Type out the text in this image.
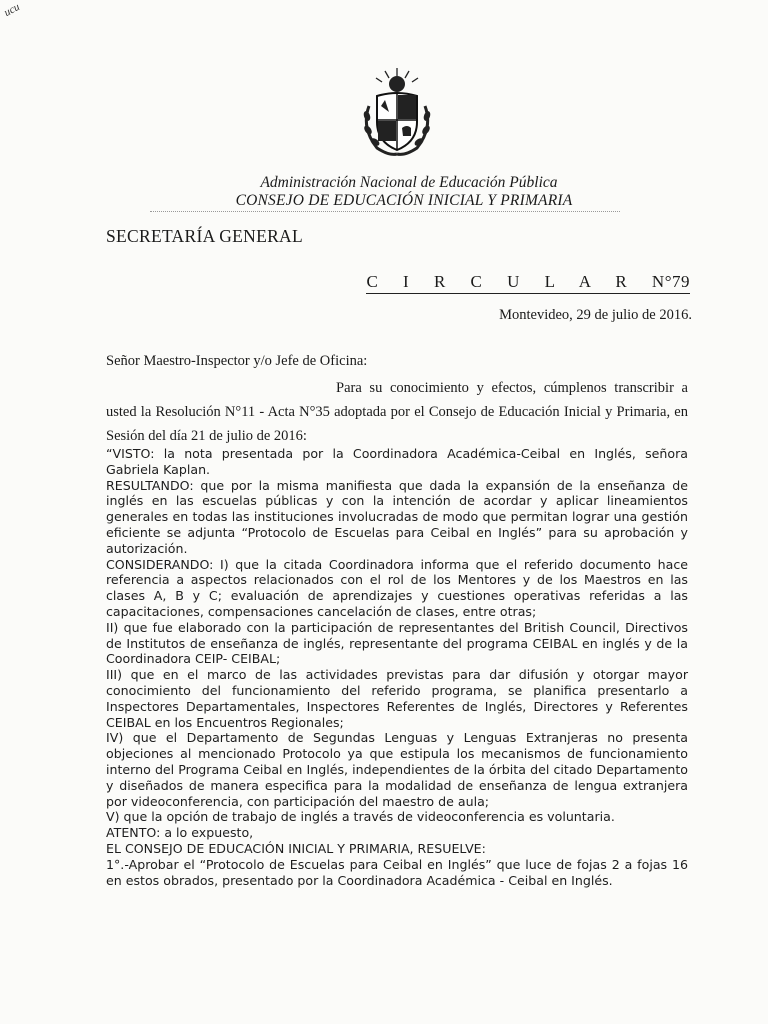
ucu
Administración Nacional de Educación Pública
CONSEJO DE EDUCACIÓN INICIAL Y PRIMARIA
SECRETARÍA GENERAL
C I R C U L A R N°79
Montevideo, 29 de julio de 2016.
Señor Maestro-Inspector y/o Jefe de Oficina:
Para su conocimiento y efectos, cúmplenos transcribir a usted la Resolución N°11 - Acta N°35 adoptada por el Consejo de Educación Inicial y Primaria, en Sesión del día 21 de julio de 2016:

“VISTO: la nota presentada por la Coordinadora Académica-Ceibal en Inglés, señora Gabriela Kaplan.

RESULTANDO: que por la misma manifiesta que dada la expansión de la enseñanza de inglés en las escuelas públicas y con la intención de acordar y aplicar lineamientos generales en todas las instituciones involucradas de modo que permitan lograr una gestión eficiente se adjunta “Protocolo de Escuelas para Ceibal en Inglés” para su aprobación y autorización.

CONSIDERANDO: I) que la citada Coordinadora informa que el referido documento hace referencia a aspectos relacionados con el rol de los Mentores y de los Maestros en las clases A, B y C; evaluación de aprendizajes y cuestiones operativas referidas a las capacitaciones, compensaciones cancelación de clases, entre otras;

II) que fue elaborado con la participación de representantes del British Council, Directivos de Institutos de enseñanza de inglés, representante del programa CEIBAL en inglés y de la Coordinadora CEIP- CEIBAL;

III) que en el marco de las actividades previstas para dar difusión y otorgar mayor conocimiento del funcionamiento del referido programa, se planifica presentarlo a Inspectores Departamentales, Inspectores Referentes de Inglés, Directores y Referentes CEIBAL en los Encuentros Regionales;

IV) que el Departamento de Segundas Lenguas y Lenguas Extranjeras no presenta objeciones al mencionado Protocolo ya que estipula los mecanismos de funcionamiento interno del Programa Ceibal en Inglés, independientes de la órbita del citado Departamento y diseñados de manera especifica para la modalidad de enseñanza de lengua extranjera por videoconferencia, con participación del maestro de aula;

V) que la opción de trabajo de inglés a través de videoconferencia es voluntaria.

ATENTO: a lo expuesto,

EL CONSEJO DE EDUCACIÓN INICIAL Y PRIMARIA, RESUELVE:

1°.-Aprobar el “Protocolo de Escuelas para Ceibal en Inglés” que luce de fojas 2 a fojas 16 en estos obrados, presentado por la Coordinadora Académica - Ceibal en Inglés.
